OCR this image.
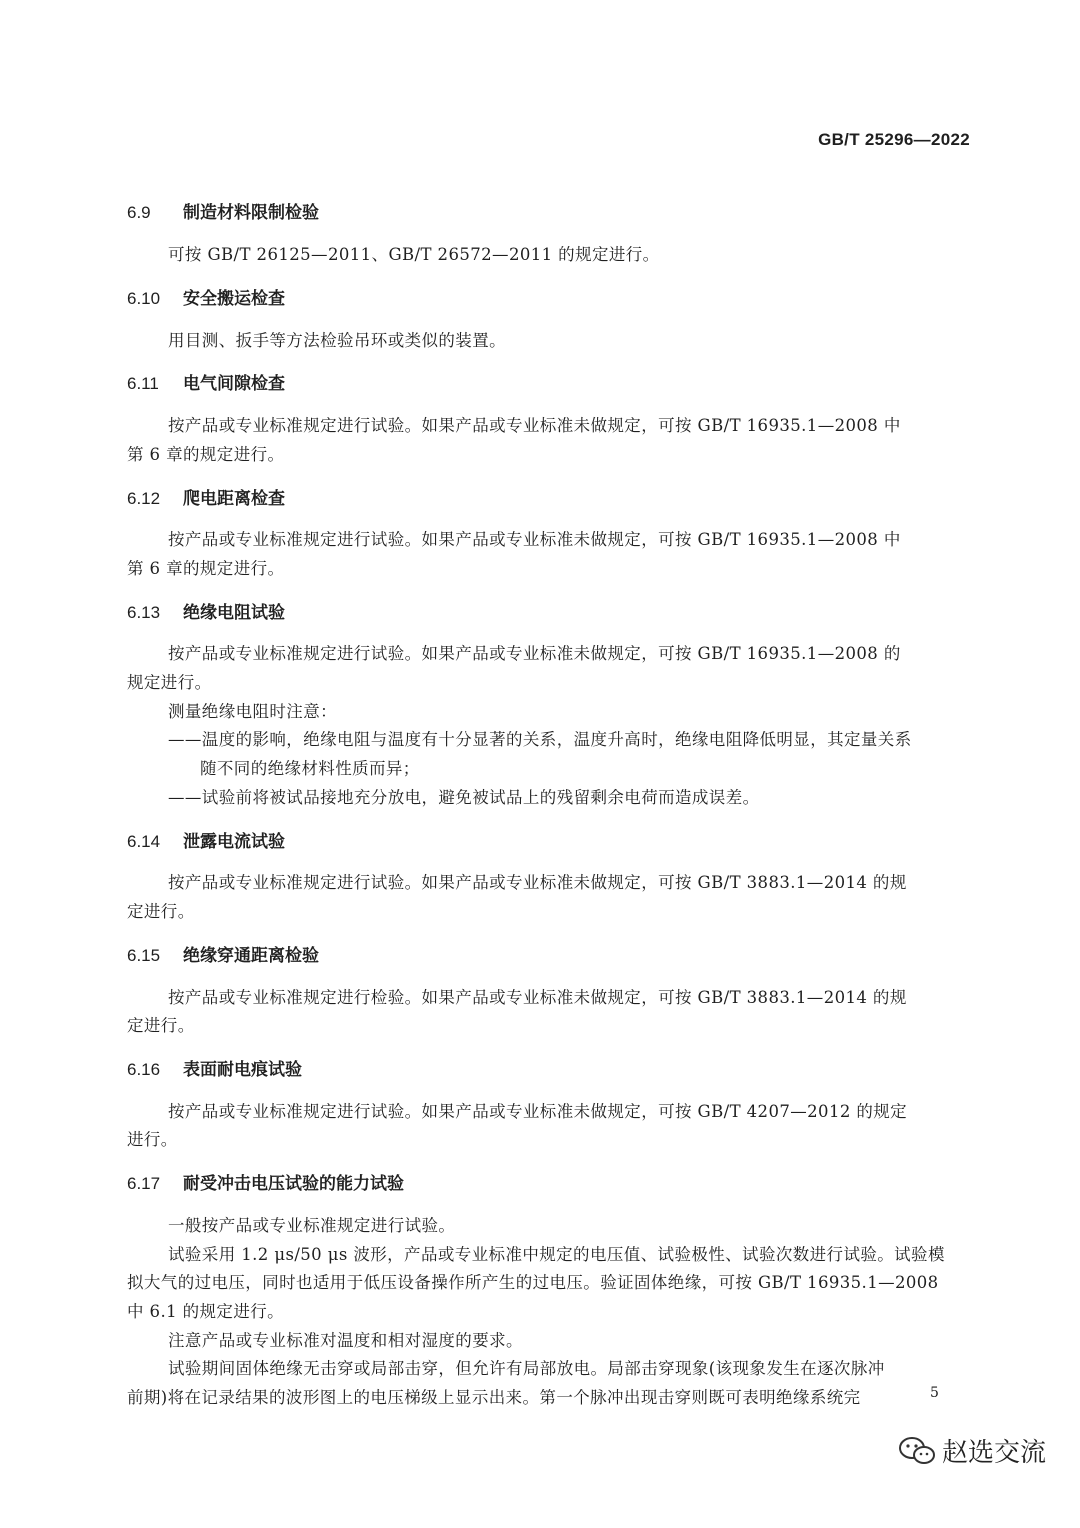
GB/T 25296—2022
6.9 制造材料限制检验
可按 GB/T 26125—2011、GB/T 26572—2011 的规定进行。
6.10 安全搬运检查
用目测、扳手等方法检验吊环或类似的装置。
6.11 电气间隙检查
按产品或专业标准规定进行试验。如果产品或专业标准未做规定，可按 GB/T 16935.1—2008 中
第 6 章的规定进行。
6.12 爬电距离检查
按产品或专业标准规定进行试验。如果产品或专业标准未做规定，可按 GB/T 16935.1—2008 中
第 6 章的规定进行。
6.13 绝缘电阻试验
按产品或专业标准规定进行试验。如果产品或专业标准未做规定，可按 GB/T 16935.1—2008 的
规定进行。
测量绝缘电阻时注意：
——温度的影响，绝缘电阻与温度有十分显著的关系，温度升高时，绝缘电阻降低明显，其定量关系
随不同的绝缘材料性质而异；
——试验前将被试品接地充分放电，避免被试品上的残留剩余电荷而造成误差。
6.14 泄露电流试验
按产品或专业标准规定进行试验。如果产品或专业标准未做规定，可按 GB/T 3883.1—2014 的规
定进行。
6.15 绝缘穿通距离检验
按产品或专业标准规定进行检验。如果产品或专业标准未做规定，可按 GB/T 3883.1—2014 的规
定进行。
6.16 表面耐电痕试验
按产品或专业标准规定进行试验。如果产品或专业标准未做规定，可按 GB/T 4207—2012 的规定
进行。
6.17 耐受冲击电压试验的能力试验
一般按产品或专业标准规定进行试验。
试验采用 1.2 μs/50 μs 波形，产品或专业标准中规定的电压值、试验极性、试验次数进行试验。试验模
拟大气的过电压，同时也适用于低压设备操作所产生的过电压。验证固体绝缘，可按 GB/T 16935.1—2008
中 6.1 的规定进行。
注意产品或专业标准对温度和相对湿度的要求。
试验期间固体绝缘无击穿或局部击穿，但允许有局部放电。局部击穿现象(该现象发生在逐次脉冲
前期)将在记录结果的波形图上的电压梯级上显示出来。第一个脉冲出现击穿则既可表明绝缘系统完	5
赵选交流
